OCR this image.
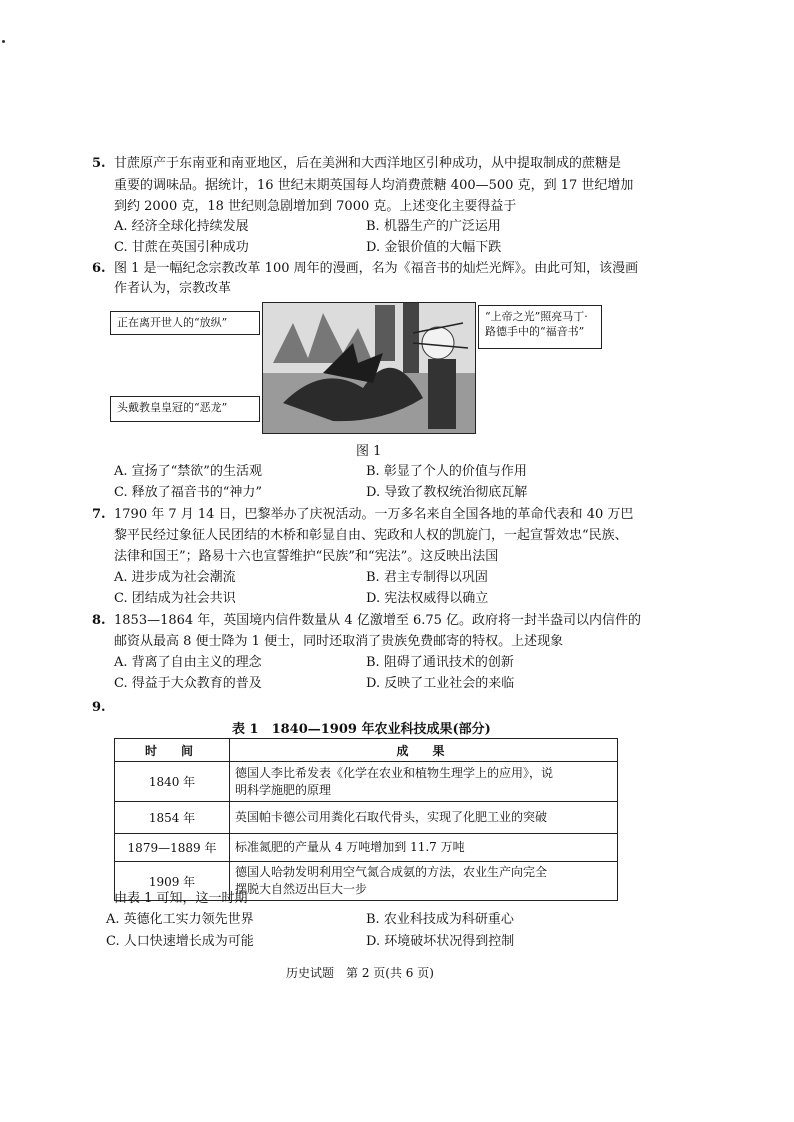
5. 甘蔗原产于东南亚和南亚地区，后在美洲和大西洋地区引种成功，从中提取制成的蔗糖是
重要的调味品。据统计，16 世纪末期英国每人均消费蔗糖 400—500 克，到 17 世纪增加
到约 2000 克，18 世纪则急剧增加到 7000 克。上述变化主要得益于
A. 经济全球化持续发展	B. 机器生产的广泛运用
C. 甘蔗在英国引种成功	D. 金银价值的大幅下跌
6. 图 1 是一幅纪念宗教改革 100 周年的漫画，名为《福音书的灿烂光辉》。由此可知，该漫画
作者认为，宗教改革
正在离开世人的“放纵”
头戴教皇皇冠的“恶龙”
“上帝之光”照亮马丁·路德手中的“福音书”
图 1
A. 宣扬了“禁欲”的生活观	B. 彰显了个人的价值与作用
C. 释放了福音书的“神力”	D. 导致了教权统治彻底瓦解
7. 1790 年 7 月 14 日，巴黎举办了庆祝活动。一万多名来自全国各地的革命代表和 40 万巴
黎平民经过象征人民团结的木桥和彰显自由、宪政和人权的凯旋门，一起宣誓效忠“民族、
法律和国王”；路易十六也宣誓维护“民族”和“宪法”。这反映出法国
A. 进步成为社会潮流	B. 君主专制得以巩固
C. 团结成为社会共识	D. 宪法权威得以确立
8. 1853—1864 年，英国境内信件数量从 4 亿激增至 6.75 亿。政府将一封半盎司以内信件的
邮资从最高 8 便士降为 1 便士，同时还取消了贵族免费邮寄的特权。上述现象
A. 背离了自由主义的理念	B. 阻碍了通讯技术的创新
C. 得益于大众教育的普及	D. 反映了工业社会的来临
9.
表 1　1840—1909 年农业科技成果(部分)
时　间	成　果
1840 年	德国人李比希发表《化学在农业和植物生理学上的应用》，说
明科学施肥的原理

1854 年	英国帕卡德公司用粪化石取代骨头，实现了化肥工业的突破
1879—1889 年	标准氮肥的产量从 4 万吨增加到 11.7 万吨
1909 年	德国人哈勃发明利用空气氮合成氨的方法，农业生产向完全
摆脱大自然迈出巨大一步
由表 1 可知，这一时期
A. 英德化工实力领先世界	B. 农业科技成为科研重心
C. 人口快速增长成为可能	D. 环境破坏状况得到控制
历史试题　第 2 页(共 6 页)
